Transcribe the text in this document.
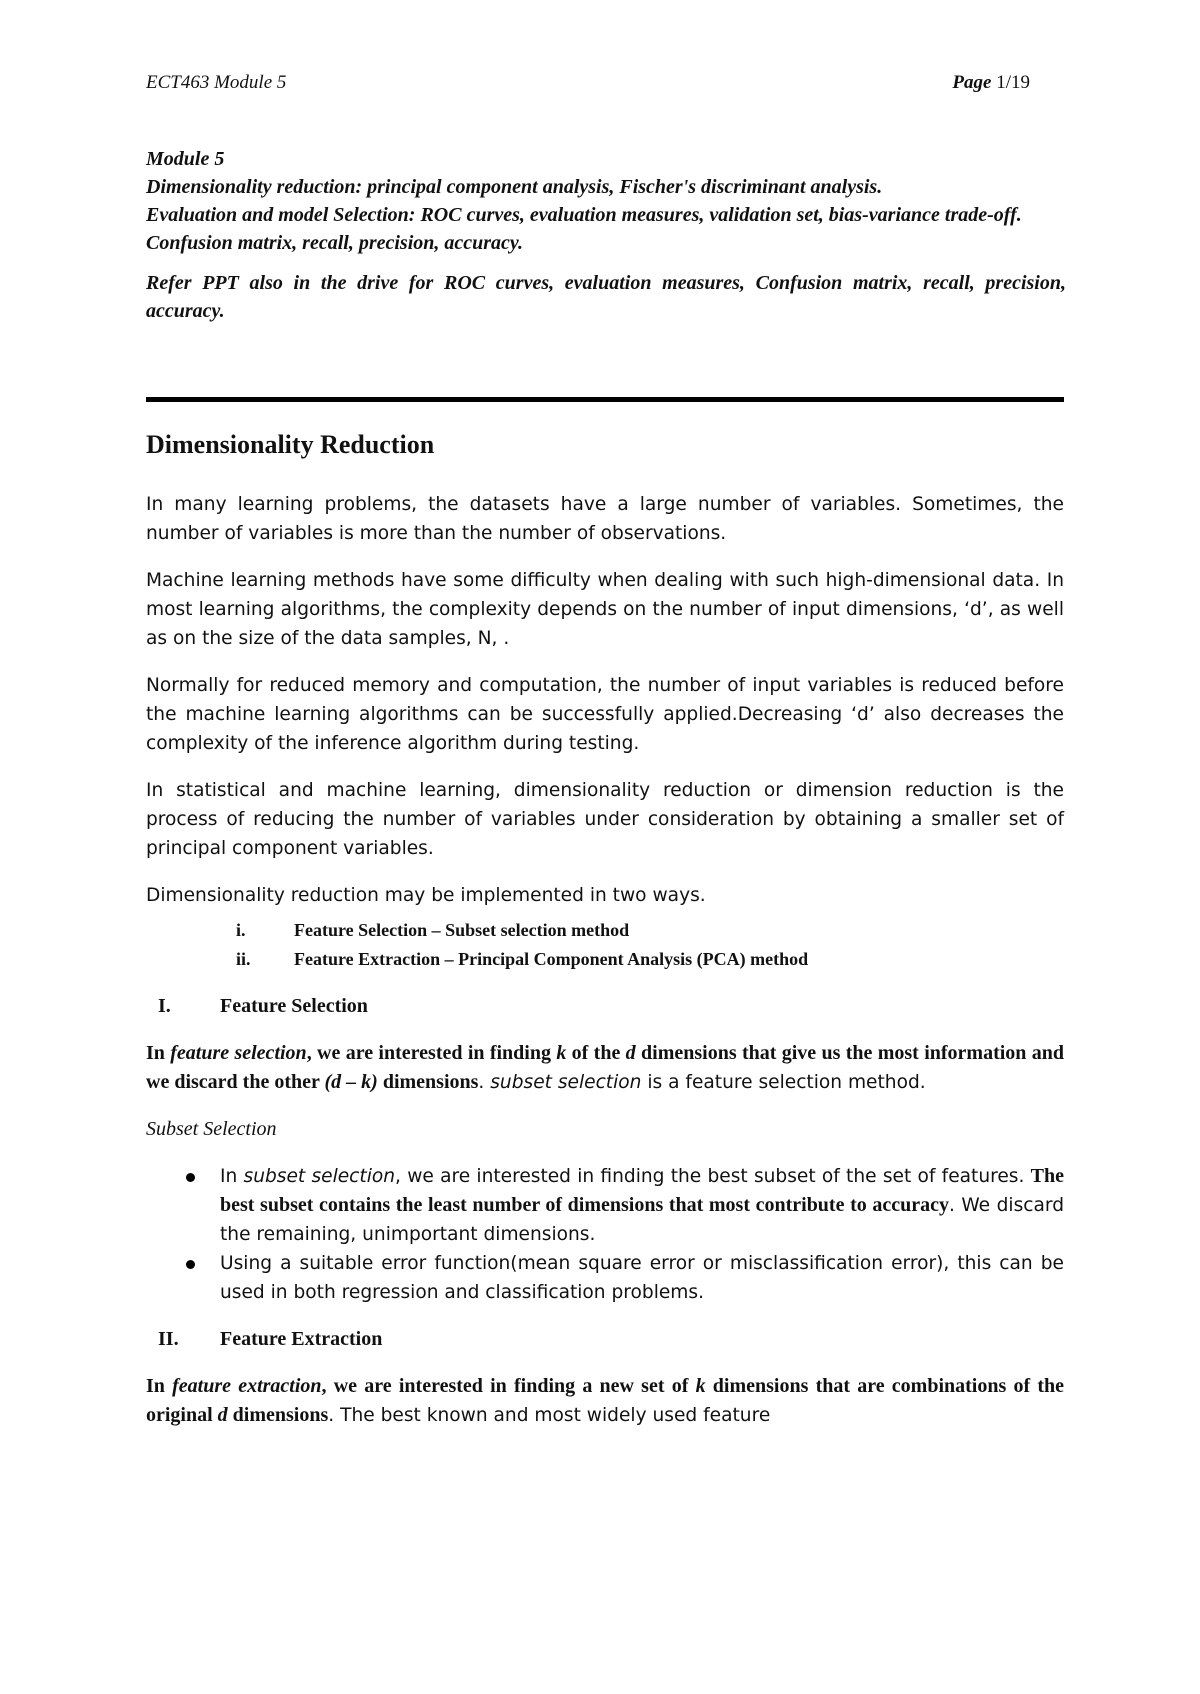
ECT463 Module 5	Page 1/19

Module 5

Dimensionality reduction: principal component analysis, Fischer's discriminant analysis.

Evaluation and model Selection: ROC curves, evaluation measures, validation set, bias-variance trade-off. Confusion matrix, recall, precision, accuracy.

Refer PPT also in the drive for ROC curves, evaluation measures, Confusion matrix, recall, precision, accuracy.

Dimensionality Reduction

In many learning problems, the datasets have a large number of variables. Sometimes, the number of variables is more than the number of observations.

Machine learning methods have some difficulty when dealing with such high-dimensional data. In most learning algorithms, the complexity depends on the number of input dimensions, ‘d’, as well as on the size of the data samples, N, .

Normally for reduced memory and computation, the number of input variables is reduced before the machine learning algorithms can be successfully applied.Decreasing ‘d’ also decreases the complexity of the inference algorithm during testing.

In statistical and machine learning, dimensionality reduction or dimension reduction is the process of reducing the number of variables under consideration by obtaining a smaller set of principal component variables.

Dimensionality reduction may be implemented in two ways.

i.	Feature Selection – Subset selection method
ii.	Feature Extraction – Principal Component Analysis (PCA) method
I. Feature Selection

In feature selection, we are interested in finding k of the d dimensions that give us the most information and we discard the other (d – k) dimensions. subset selection is a feature selection method.

Subset Selection

In subset selection, we are interested in finding the best subset of the set of features. The best subset contains the least number of dimensions that most contribute to accuracy. We discard the remaining, unimportant dimensions.
Using a suitable error function(mean square error or misclassification error), this can be used in both regression and classification problems.
II. Feature Extraction

In feature extraction, we are interested in finding a new set of k dimensions that are combinations of the original d dimensions. The best known and most widely used feature
